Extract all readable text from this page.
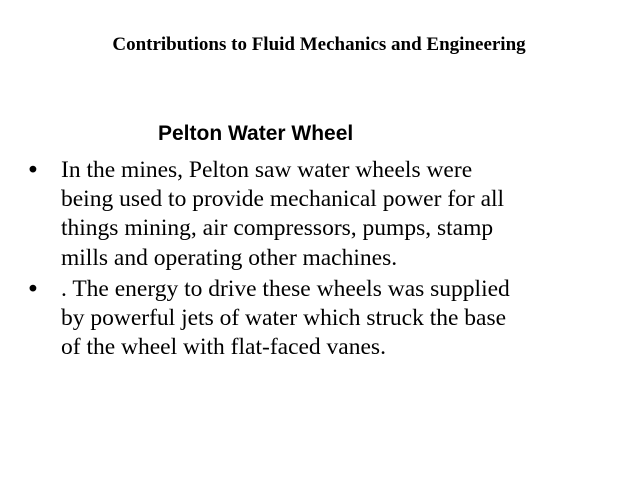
Contributions to Fluid Mechanics and Engineering
Pelton Water Wheel
• In the mines, Pelton saw water wheels were
being used to provide mechanical power for all
things mining, air compressors, pumps, stamp
mills and operating other machines.
• . The energy to drive these wheels was supplied
by powerful jets of water which struck the base
of the wheel with flat-faced vanes.
